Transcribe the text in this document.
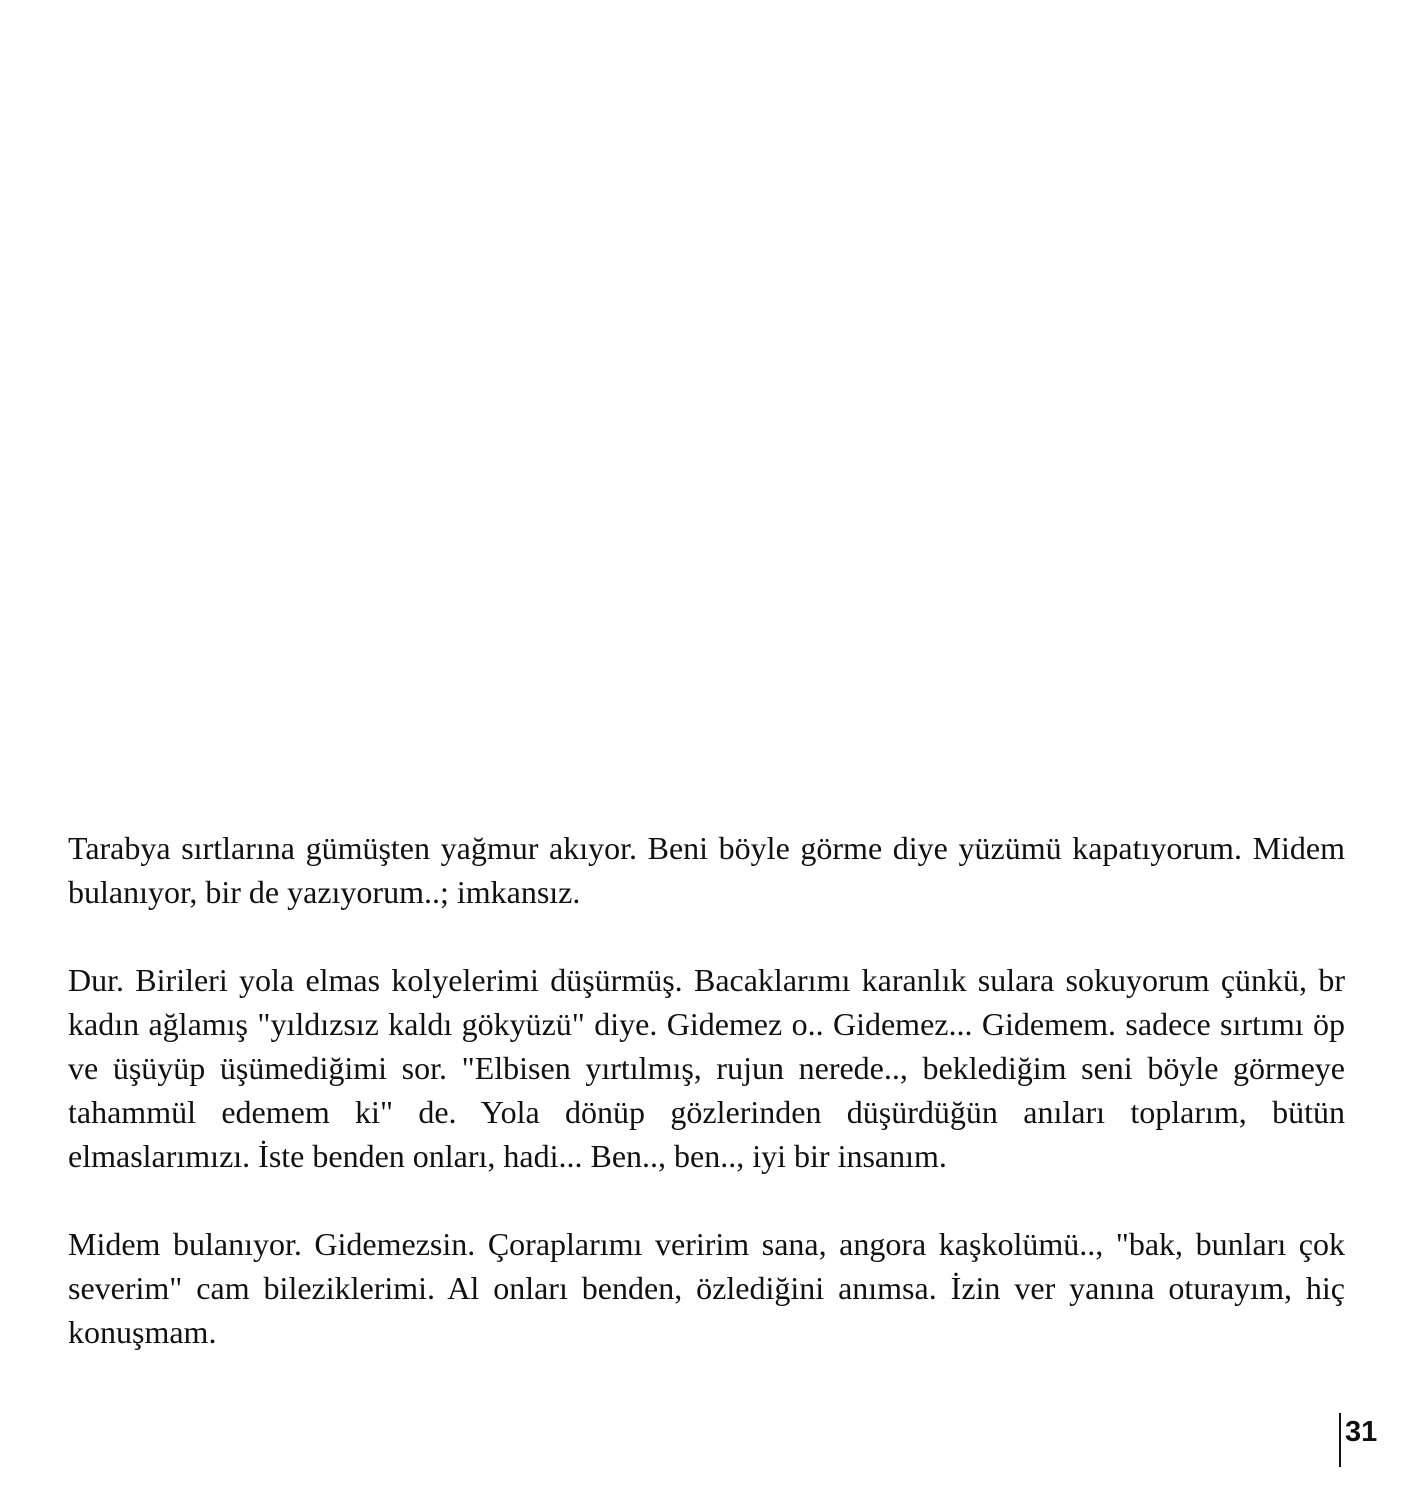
Tarabya sırtlarına gümüşten yağmur akıyor. Beni böyle görme diye yüzümü kapatıyorum. Midem bulanıyor, bir de yazıyorum..; imkansız.

Dur. Birileri yola elmas kolyelerimi düşürmüş. Bacaklarımı karanlık sulara sokuyorum çünkü, br kadın ağlamış "yıldızsız kaldı gökyüzü" diye. Gidemez o.. Gidemez... Gidemem. sadece sırtımı öp ve üşüyüp üşümediğimi sor. "Elbisen yırtılmış, rujun nerede.., beklediğim seni böyle görmeye tahammül edemem ki" de. Yola dönüp gözlerinden düşürdüğün anıları toplarım, bütün elmaslarımızı. İste benden onları, hadi... Ben.., ben.., iyi bir insanım.

Midem bulanıyor. Gidemezsin. Çoraplarımı veririm sana, angora kaşkolümü.., "bak, bunları çok severim" cam bileziklerimi. Al onları benden, özlediğini anımsa. İzin ver yanına oturayım, hiç konuşmam.

31
